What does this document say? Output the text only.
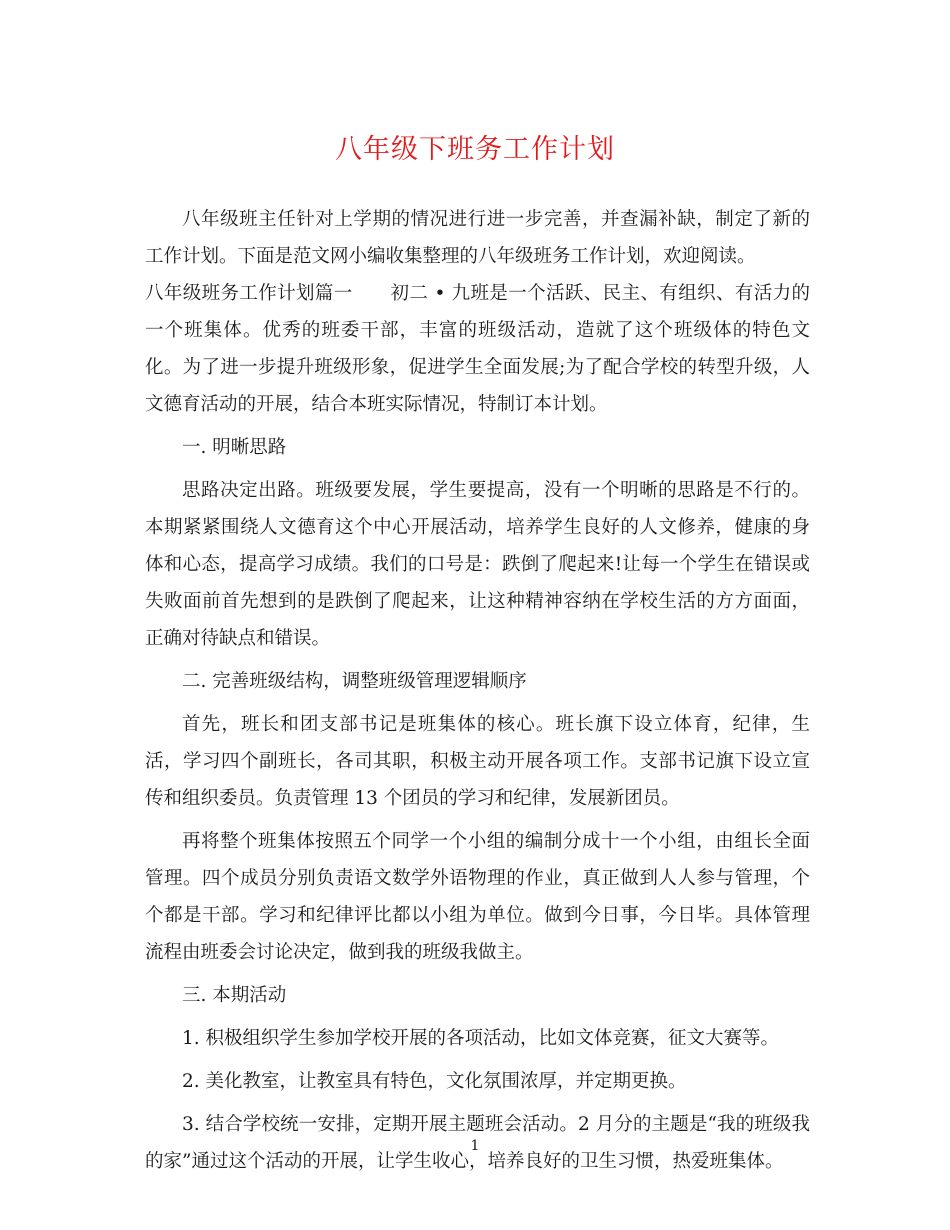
八年级下班务工作计划

八年级班主任针对上学期的情况进行进一步完善，并查漏补缺，制定了新的工作计划。下面是范文网小编收集整理的八年级班务工作计划，欢迎阅读。

八年级班务工作计划篇一　　初二 • 九班是一个活跃、民主、有组织、有活力的一个班集体。优秀的班委干部，丰富的班级活动，造就了这个班级体的特色文化。为了进一步提升班级形象，促进学生全面发展;为了配合学校的转型升级，人文德育活动的开展，结合本班实际情况，特制订本计划。

一. 明晰思路

思路决定出路。班级要发展，学生要提高，没有一个明晰的思路是不行的。本期紧紧围绕人文德育这个中心开展活动，培养学生良好的人文修养，健康的身体和心态，提高学习成绩。我们的口号是：跌倒了爬起来!让每一个学生在错误或失败面前首先想到的是跌倒了爬起来，让这种精神容纳在学校生活的方方面面，正确对待缺点和错误。

二. 完善班级结构，调整班级管理逻辑顺序

首先，班长和团支部书记是班集体的核心。班长旗下设立体育，纪律，生活，学习四个副班长，各司其职，积极主动开展各项工作。支部书记旗下设立宣传和组织委员。负责管理 13 个团员的学习和纪律，发展新团员。

再将整个班集体按照五个同学一个小组的编制分成十一个小组，由组长全面管理。四个成员分别负责语文数学外语物理的作业，真正做到人人参与管理，个个都是干部。学习和纪律评比都以小组为单位。做到今日事，今日毕。具体管理流程由班委会讨论决定，做到我的班级我做主。

三. 本期活动

1. 积极组织学生参加学校开展的各项活动，比如文体竞赛，征文大赛等。

2. 美化教室，让教室具有特色，文化氛围浓厚，并定期更换。

3. 结合学校统一安排，定期开展主题班会活动。2 月分的主题是“我的班级我的家”通过这个活动的开展，让学生收心，培养良好的卫生习惯，热爱班集体。

1
